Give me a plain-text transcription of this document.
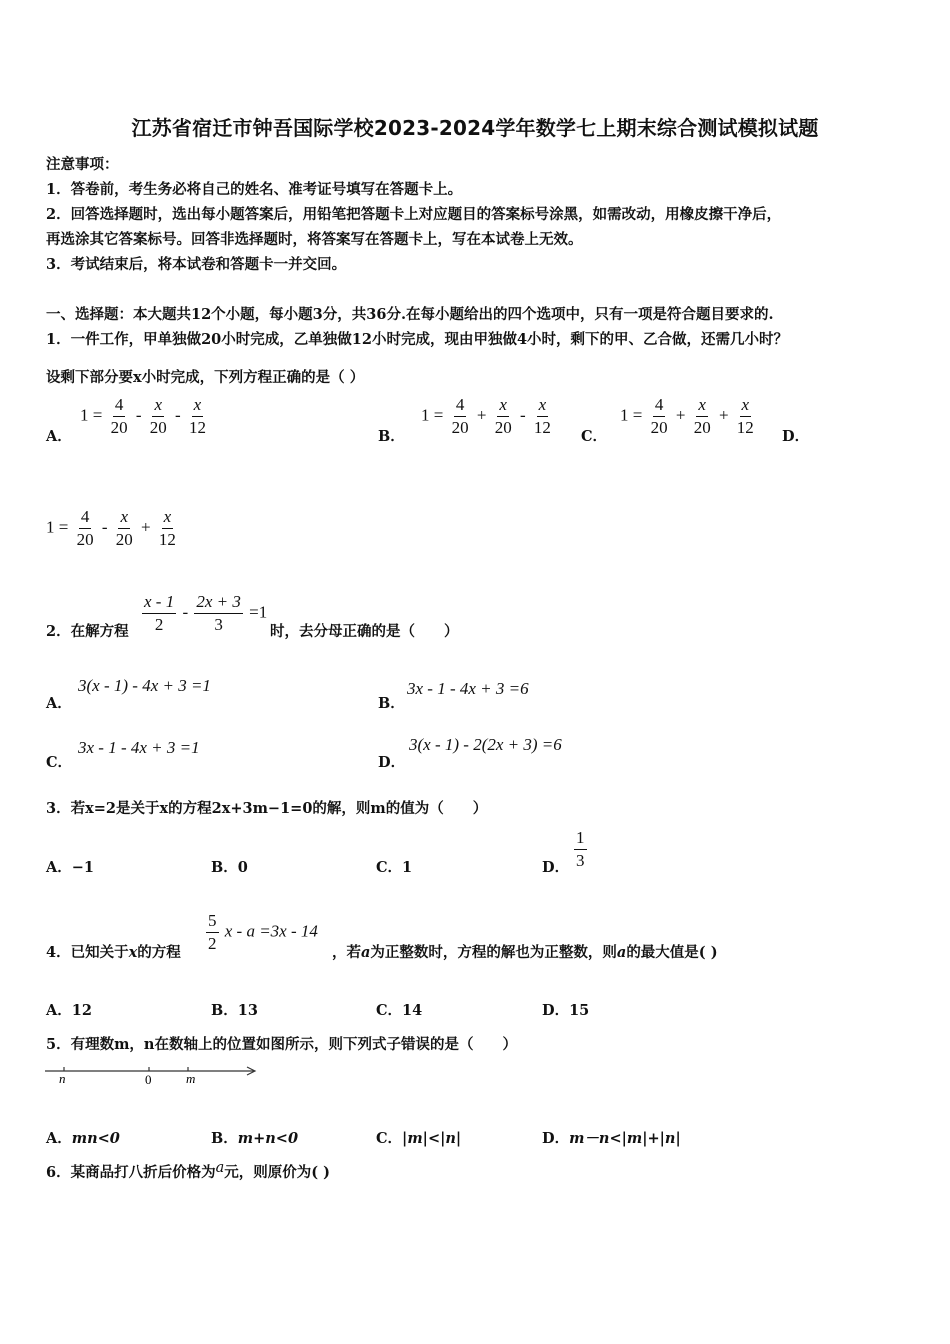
江苏省宿迁市钟吾国际学校2023-2024学年数学七上期末综合测试模拟试题
注意事项：
1．答卷前，考生务必将自己的姓名、准考证号填写在答题卡上。
2．回答选择题时，选出每小题答案后，用铅笔把答题卡上对应题目的答案标号涂黑，如需改动，用橡皮擦干净后，
再选涂其它答案标号。回答非选择题时，将答案写在答题卡上，写在本试卷上无效。
3．考试结束后，将本试卷和答题卡一并交回。
一、选择题：本大题共12个小题，每小题3分，共36分.在每小题给出的四个选项中，只有一项是符合题目要求的.
1．一件工作，甲单独做20小时完成，乙单独做12小时完成，现由甲独做4小时，剩下的甲、乙合做，还需几小时？
设剩下部分要x小时完成，下列方程正确的是（ ）
A．
$1 = \frac{4}{20} - \frac{x}{20} - \frac{x}{12}$	B．
$1 = \frac{4}{20} + \frac{x}{20} - \frac{x}{12}$ C．
$1 = \frac{4}{20} + \frac{x}{20} + \frac{x}{12}$ D．
$1 = \frac{4}{20} - \frac{x}{20} + \frac{x}{12}$
2．在解方程 $\frac{x - 1}{2} - \frac{2x + 3}{3} =1$
时，去分母正确的是（　　）
A．
3(x - 1) - 4x + 3 =1
B．
3x - 1 - 4x + 3 =6
C．
3x - 1 - 4x + 3 =1
D．
3(x - 1) - 2(2x + 3) =6
3．若x=2是关于x的方程2x+3m−1=0的解，则m的值为（　　）
A．−1	B．0	C．1	D． $\frac{1}{3}$
4．已知关于x的方程 $\frac{5}{2}$ x - a =3x - 14
，若a为正整数时，方程的解也为正整数，则a的最大值是( )
A．12	B．13	C．14	D．15
5．有理数m，n在数轴上的位置如图所示，则下列式子错误的是（　　）
n	0	m
A．mn<0	B．m+n<0	C．|m|<|n|	D．m－n<|m|+|n|
6．某商品打八折后价格为a元，则原价为( )
